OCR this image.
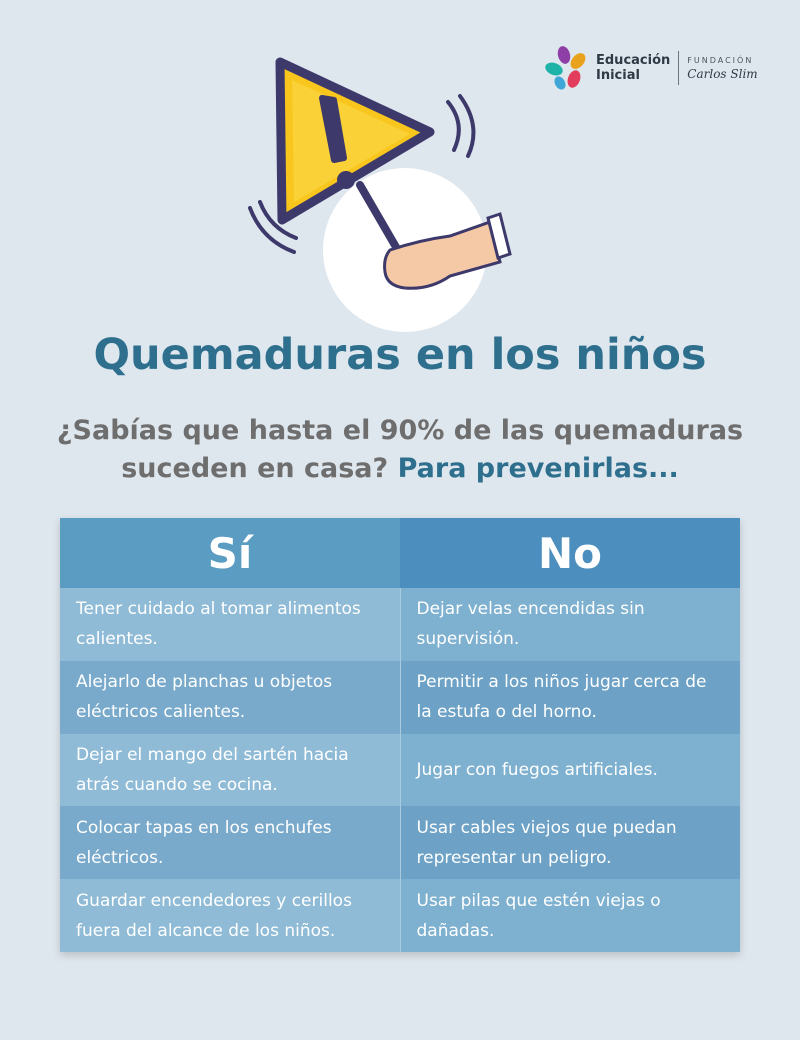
Educación
Inicial
FUNDACIÓN
Carlos Slim
Quemaduras en los niños
¿Sabías que hasta el 90% de las quemaduras suceden en casa? Para prevenirlas...
Sí	No
Tener cuidado al tomar alimentos calientes.
Dejar velas encendidas sin supervisión.
Alejarlo de planchas u objetos eléctricos calientes.
Permitir a los niños jugar cerca de la estufa o del horno.
Dejar el mango del sartén hacia atrás cuando se cocina.
Jugar con fuegos artificiales.
Colocar tapas en los enchufes eléctricos.
Usar cables viejos que puedan representar un peligro.
Guardar encendedores y cerillos fuera del alcance de los niños.
Usar pilas que estén viejas o dañadas.
